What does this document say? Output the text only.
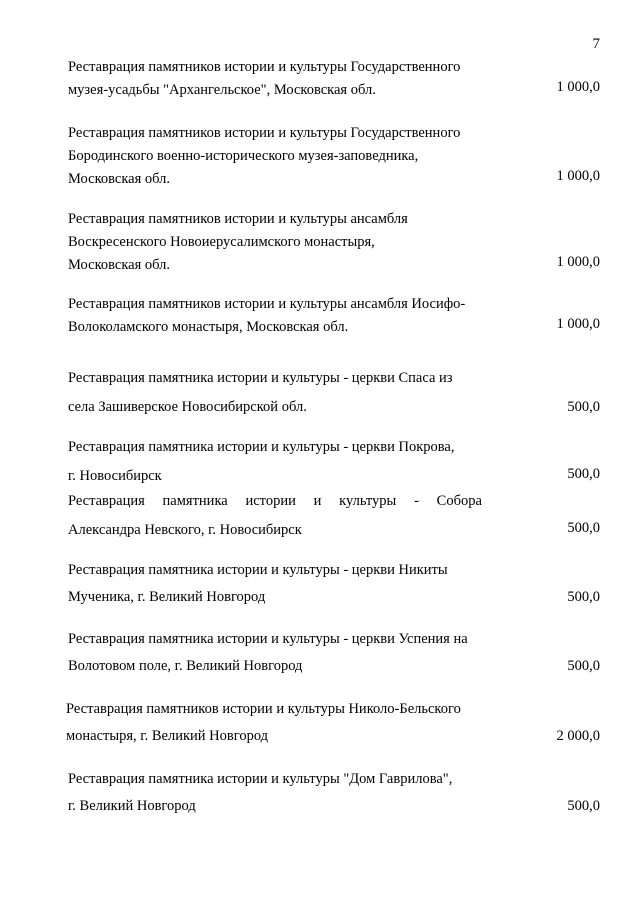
7
Реставрация памятников истории и культуры Государственного
музея-усадьбы "Архангельское", Московская обл.	1 000,0
Реставрация памятников истории и культуры Государственного
Бородинского военно-исторического музея-заповедника,
Московская обл.	1 000,0
Реставрация памятников истории и культуры ансамбля
Воскресенского Новоиерусалимского монастыря,
Московская обл.	1 000,0
Реставрация памятников истории и культуры ансамбля Иосифо-
Волоколамского монастыря, Московская обл.	1 000,0
Реставрация памятника истории и культуры - церкви Спаса из
села Зашиверское Новосибирской обл.	500,0
Реставрация памятника истории и культуры - церкви Покрова,
г. Новосибирск	500,0
Реставрация памятника истории и культуры - Собора
Александра Невского, г. Новосибирск	500,0
Реставрация памятника истории и культуры - церкви Никиты
Мученика, г. Великий Новгород	500,0
Реставрация памятника истории и культуры - церкви Успения на
Волотовом поле, г. Великий Новгород	500,0
Реставрация памятников истории и культуры Николо-Бельского
монастыря, г. Великий Новгород	2 000,0
Реставрация памятника истории и культуры "Дом Гаврилова",
г. Великий Новгород	500,0
